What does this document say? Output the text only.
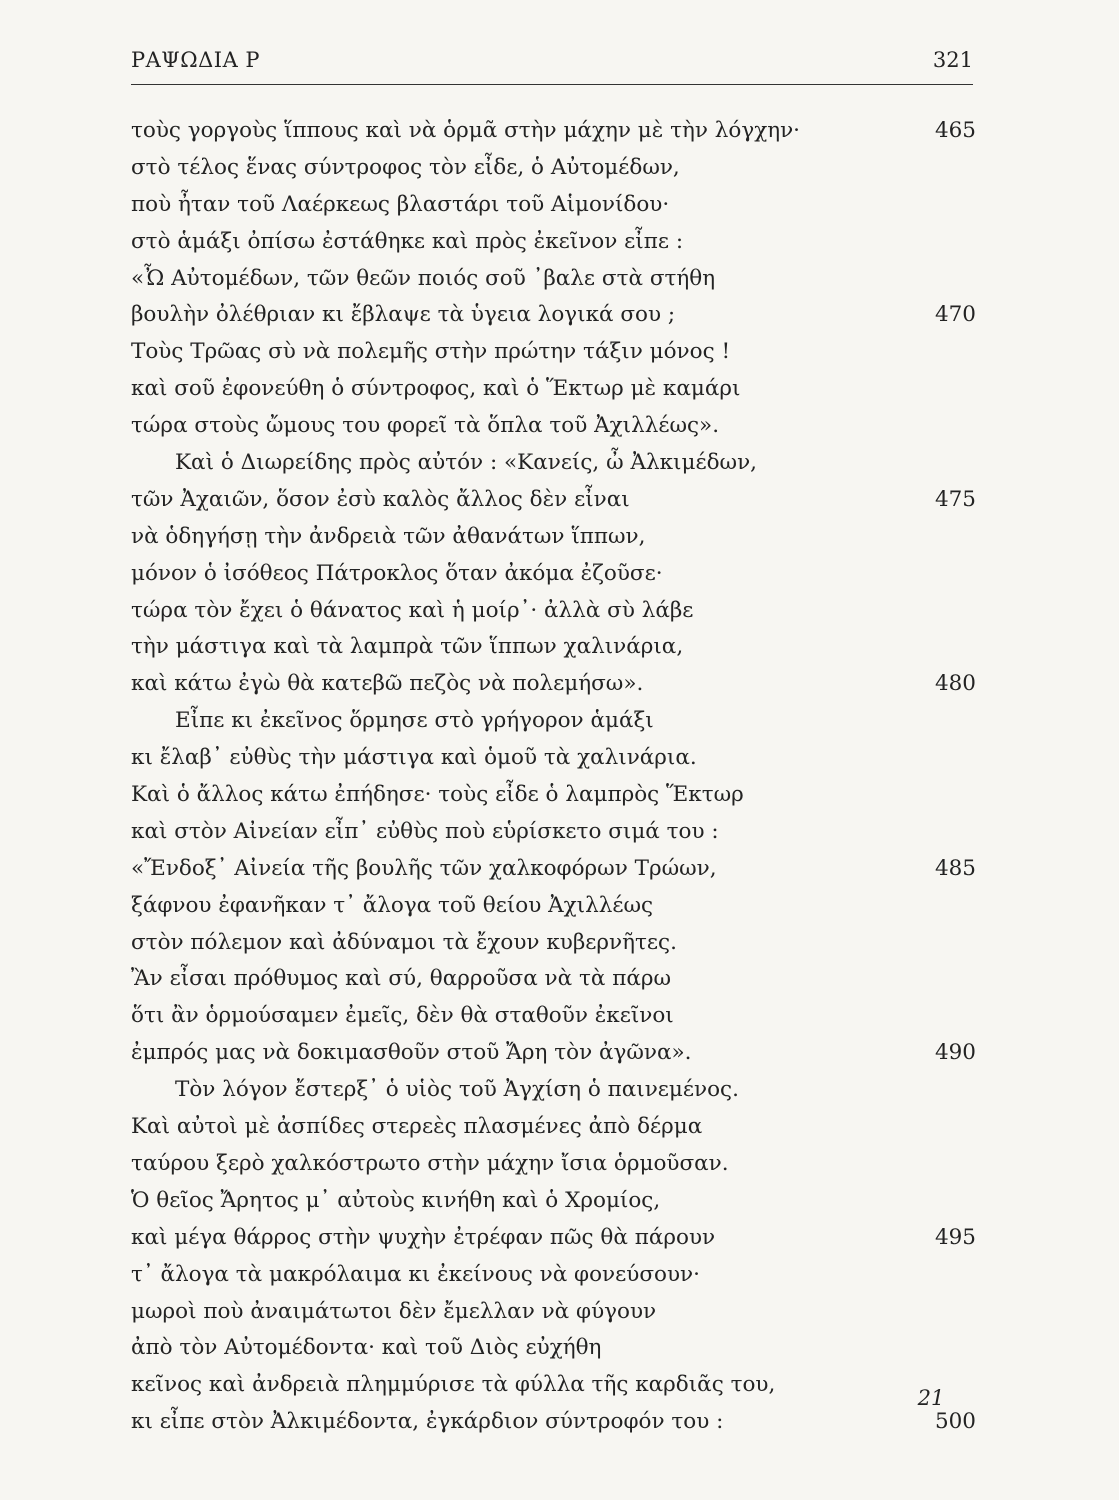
ΡΑΨΩΔΙΑ Ρ	321
τοὺς γοργοὺς ἵππους καὶ νὰ ὁρμᾶ στὴν μάχην μὲ τὴν λόγχην·	465
στὸ τέλος ἕνας σύντροφος τὸν εἶδε, ὁ Αὐτομέδων,
ποὺ ἦταν τοῦ Λαέρκεως βλαστάρι τοῦ Αἱμονίδου·
στὸ ἁμάξι ὀπίσω ἐστάθηκε καὶ πρὸς ἐκεῖνον εἶπε :
«Ὦ Αὐτομέδων, τῶν θεῶν ποιός σοῦ ᾽βαλε στὰ στήθη
βουλὴν ὀλέθριαν κι ἔβλαψε τὰ ὑγεια λογικά σου ;	470
Τοὺς Τρῶας σὺ νὰ πολεμῆς στὴν πρώτην τάξιν μόνος !
καὶ σοῦ ἐφονεύθη ὁ σύντροφος, καὶ ὁ Ἕκτωρ μὲ καμάρι
τώρα στοὺς ὤμους του φορεῖ τὰ ὅπλα τοῦ Ἀχιλλέως».
Καὶ ὁ Διωρείδης πρὸς αὐτόν : «Κανείς, ὦ Ἀλκιμέδων,
τῶν Ἀχαιῶν, ὅσον ἐσὺ καλὸς ἄλλος δὲν εἶναι	475
νὰ ὁδηγήσῃ τὴν ἀνδρειὰ τῶν ἀθανάτων ἵππων,
μόνον ὁ ἰσόθεος Πάτροκλος ὅταν ἀκόμα ἐζοῦσε·
τώρα τὸν ἔχει ὁ θάνατος καὶ ἡ μοίρ᾽· ἀλλὰ σὺ λάβε
τὴν μάστιγα καὶ τὰ λαμπρὰ τῶν ἵππων χαλινάρια,
καὶ κάτω ἐγὼ θὰ κατεβῶ πεζὸς νὰ πολεμήσω».	480
Εἶπε κι ἐκεῖνος ὅρμησε στὸ γρήγορον ἁμάξι
κι ἔλαβ᾽ εὐθὺς τὴν μάστιγα καὶ ὁμοῦ τὰ χαλινάρια.
Καὶ ὁ ἄλλος κάτω ἐπήδησε· τοὺς εἶδε ὁ λαμπρὸς Ἕκτωρ
καὶ στὸν Αἰνείαν εἶπ᾽ εὐθὺς ποὺ εὑρίσκετο σιμά του :
«Ἔνδοξ᾽ Αἰνεία τῆς βουλῆς τῶν χαλκοφόρων Τρώων,	485
ξάφνου ἐφανῆκαν τ᾽ ἄλογα τοῦ θείου Ἀχιλλέως
στὸν πόλεμον καὶ ἀδύναμοι τὰ ἔχουν κυβερνῆτες.
Ἂν εἶσαι πρόθυμος καὶ σύ, θαρροῦσα νὰ τὰ πάρω
ὅτι ἂν ὁρμούσαμεν ἐμεῖς, δὲν θὰ σταθοῦν ἐκεῖνοι
ἐμπρός μας νὰ δοκιμασθοῦν στοῦ Ἄρη τὸν ἀγῶνα».	490
Τὸν λόγον ἔστερξ᾽ ὁ υἱὸς τοῦ Ἀγχίση ὁ παινεμένος.
Καὶ αὐτοὶ μὲ ἀσπίδες στερεὲς πλασμένες ἀπὸ δέρμα
ταύρου ξερὸ χαλκόστρωτο στὴν μάχην ἴσια ὁρμοῦσαν.
Ὁ θεῖος Ἄρητος μ᾽ αὐτοὺς κινήθη καὶ ὁ Χρομίος,
καὶ μέγα θάρρος στὴν ψυχὴν ἐτρέφαν πῶς θὰ πάρουν	495
τ᾽ ἄλογα τὰ μακρόλαιμα κι ἐκείνους νὰ φονεύσουν·
μωροὶ ποὺ ἀναιμάτωτοι δὲν ἔμελλαν νὰ φύγουν
ἀπὸ τὸν Αὐτομέδοντα· καὶ τοῦ Διὸς εὐχήθη
κεῖνος καὶ ἀνδρειὰ πλημμύρισε τὰ φύλλα τῆς καρδιᾶς του,
κι εἶπε στὸν Ἀλκιμέδοντα, ἐγκάρδιον σύντροφόν του :	500
21
